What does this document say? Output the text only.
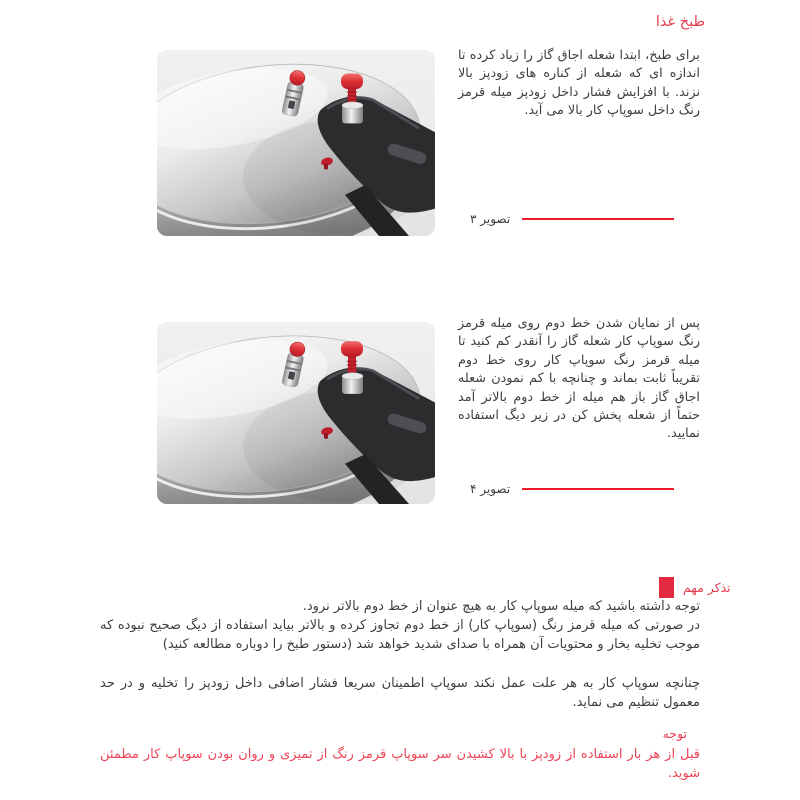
طبخ غذا

برای طبخ، ابتدا شعله اجاق گاز را زیاد کرده تا اندازه ای که شعله از کناره های زودپز بالا نزند. با افزایش فشار داخل زودپز میله قرمز رنگ داخل سوپاپ کار بالا می آید.

تصویر ۳

پس از نمایان شدن خط دوم روی میله قرمز رنگ سوپاپ کار شعله گاز را آنقدر کم کنید تا میله قرمز رنگ سوپاپ کار روی خط دوم تقریباً ثابت بماند و چنانچه با کم نمودن شعله اجاق گاز باز هم میله از خط دوم بالاتر آمد حتماً از شعله پخش کن در زیر دیگ استفاده نمایید.

تصویر ۴
تذکر مهم

توجه داشته باشید که میله سوپاپ کار به هیچ عنوان از خط دوم بالاتر نرود.

در صورتی که میله قرمز رنگ (سوپاپ کار) از خط دوم تجاوز کرده و بالاتر بیاید استفاده از دیگ صحیح نبوده که موجب تخلیه بخار و محتویات آن همراه با صدای شدید خواهد شد (دستور طبخ را دوباره مطالعه کنید)

چنانچه سوپاپ کار به هر علت عمل نکند سوپاپ اطمینان سریعا فشار اضافی داخل زودپز را تخلیه و در حد معمول تنظیم می نماید.

توجه

قبل از هر بار استفاده از زودپز با بالا کشیدن سر سوپاپ قرمز رنگ از تمیزی و روان بودن سوپاپ کار مطمئن شوید.
